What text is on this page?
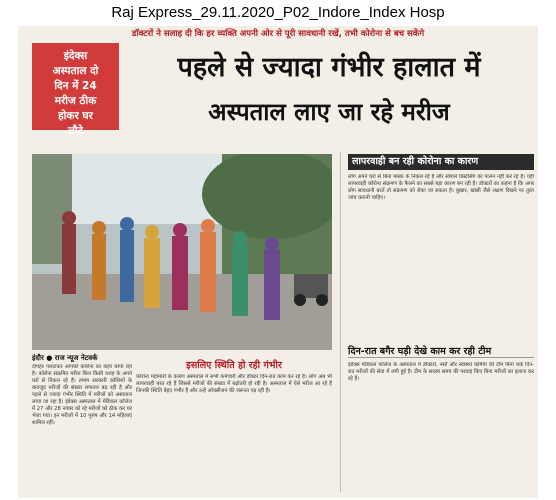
Raj Express_29.11.2020_P02_Indore_Index Hosp
डॉक्टरों ने सलाह दी कि हर व्यक्ति अपनी ओर से पूरी सावधानी रखें, तभी कोरोना से बच सकेंगे
इंदेक्स
अस्पताल दो
दिन में 24
मरीज ठीक
होकर घर
लौटे
पहले से ज्यादा गंभीर हालात में
अस्पताल लाए जा रहे मरीज
इंदौर ● राज न्यूज नेटवर्क
दोपहर पलटाकर आपको कोरोना का कहर बरपा रहा है। कोरोना संक्रमित मरीज बिना किसी वजह के अपने घरों से निकल रहे हैं। तमाम सरकारी कोशिशों के बावजूद मरीजों की संख्या लगातार बढ़ रही है और पहले से ज्यादा गंभीर स्थिति में मरीजों को अस्पताल लाया जा रहा है। इंडेक्स अस्पताल में मेडिकल कॉलेज में 27 और 28 नवंबर को रहे मरीजों को ठीक कर घर भेजा गया। इन मरीजों में 10 पुरुष और 14 महिलाएं शामिल रहीं।
इसलिए स्थिति हो रही गंभीर
कोरोना महामारी के कारण अस्पताल में सभी कर्मचारी और डॉक्टर दिन-रात काम कर रहे हैं। लोग अब भी लापरवाही बरत रहे हैं जिससे मरीजों की संख्या में बढ़ोतरी हो रही है। अस्पताल में ऐसे मरीज आ रहे हैं जिनकी स्थिति बेहद गंभीर है और उन्हें ऑक्सीजन की जरूरत पड़ रही है।
लापरवाही बन रही कोरोना का कारण
लोग अपने घरों से बिना मास्क के निकल रहे हैं और सोशल डिस्टेंसिंग का पालन नहीं कर रहे हैं। यही लापरवाही कोरोना संक्रमण के फैलने का सबसे बड़ा कारण बन रही है। डॉक्टरों का कहना है कि अगर लोग सावधानी बरतें तो संक्रमण को रोका जा सकता है। बुखार, खांसी जैसे लक्षण दिखने पर तुरंत जांच करानी चाहिए।
दिन-रात बगैर घड़ी देखे काम कर रही टीम
इंडेक्स मेडिकल कॉलेज के अस्पताल में डॉक्टरों, नर्सों और स्वास्थ्य कर्मियों की टीम बिना थके दिन-रात मरीजों की सेवा में लगी हुई है। टीम के सदस्य समय की परवाह किए बिना मरीजों का इलाज कर रहे हैं।
